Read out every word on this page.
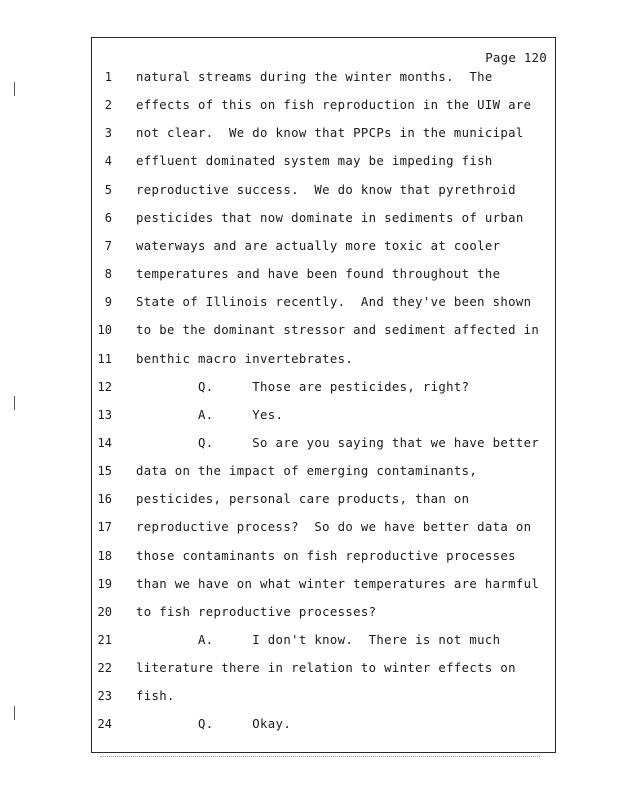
Page 120
1 natural streams during the winter months.  The
2 effects of this on fish reproduction in the UIW are
3 not clear.  We do know that PPCPs in the municipal
4 effluent dominated system may be impeding fish
5 reproductive success.  We do know that pyrethroid
6 pesticides that now dominate in sediments of urban
7 waterways and are actually more toxic at cooler
8 temperatures and have been found throughout the
9 State of Illinois recently.  And they've been shown
10 to be the dominant stressor and sediment affected in
11 benthic macro invertebrates.
12 Q.     Those are pesticides, right?
13 A.     Yes.
14 Q.     So are you saying that we have better
15 data on the impact of emerging contaminants,
16 pesticides, personal care products, than on
17 reproductive process?  So do we have better data on
18 those contaminants on fish reproductive processes
19 than we have on what winter temperatures are harmful
20 to fish reproductive processes?
21 A.     I don't know.  There is not much
22 literature there in relation to winter effects on
23 fish.
24 Q.     Okay.
